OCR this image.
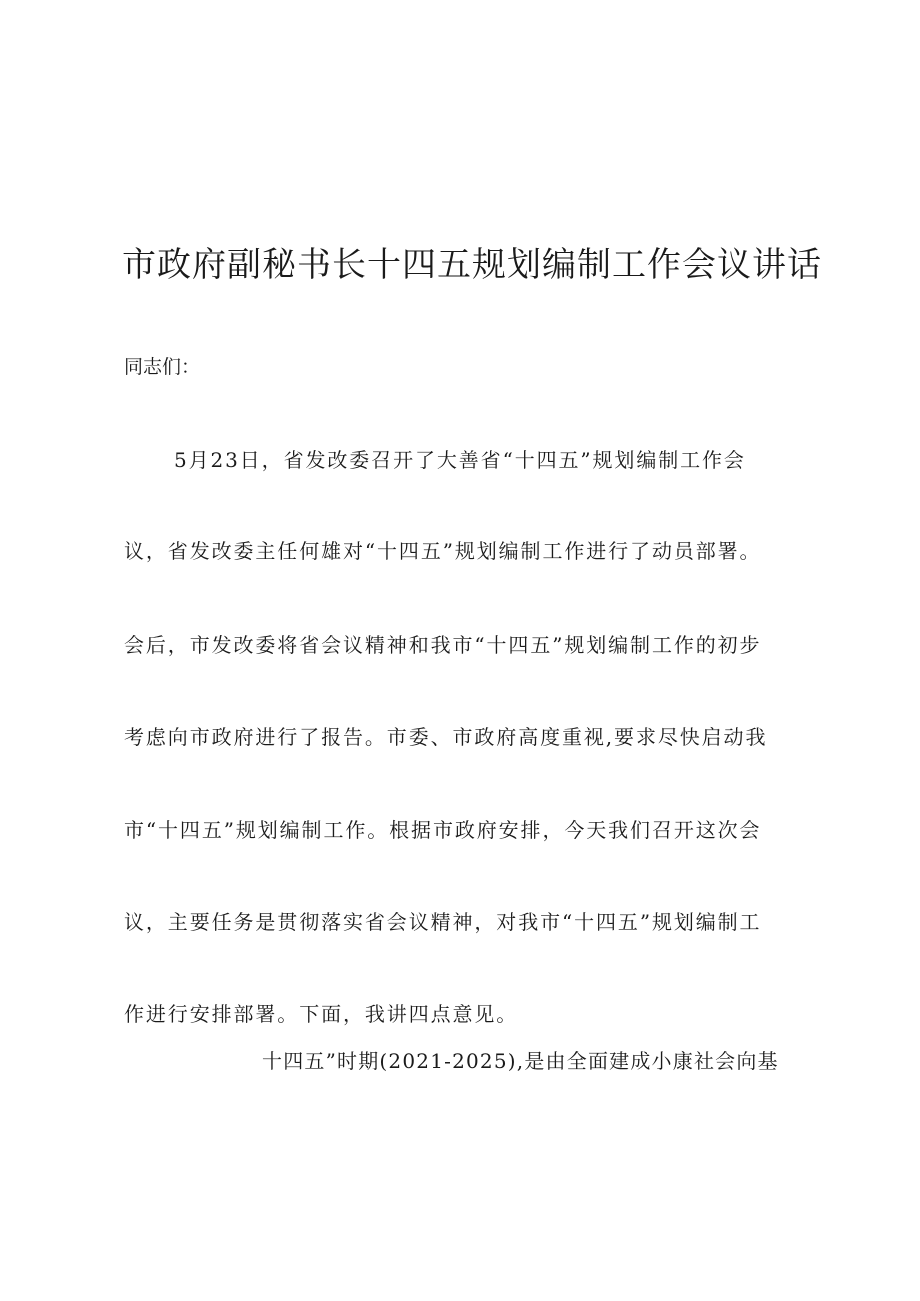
市政府副秘书长十四五规划编制工作会议讲话
同志们：
5月23日，省发改委召开了大善省“十四五”规划编制工作会
议，省发改委主任何雄对“十四五”规划编制工作进行了动员部署。
会后，市发改委将省会议精神和我市“十四五”规划编制工作的初步
考虑向市政府进行了报告。市委、市政府高度重视,要求尽快启动我
市“十四五”规划编制工作。根据市政府安排，今天我们召开这次会
议，主要任务是贯彻落实省会议精神，对我市“十四五”规划编制工
作进行安排部署。下面，我讲四点意见。
十四五”时期(2021-2025),是由全面建成小康社会向基
